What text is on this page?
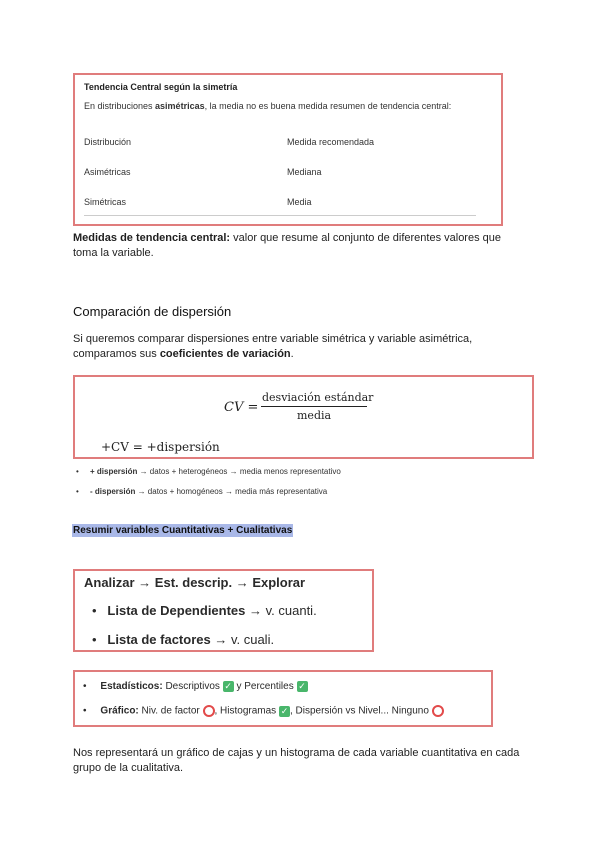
Tendencia Central según la simetría
En distribuciones asimétricas, la media no es buena medida resumen de tendencia central:
Distribución	Medida recomendada
Asimétricas	Mediana
Simétricas	Media
Medidas de tendencia central: valor que resume al conjunto de diferentes valores que toma la variable.
Comparación de dispersión
Si queremos comparar dispersiones entre variable simétrica y variable asimétrica, comparamos sus coeficientes de variación.
CV =
desviación estándar
media
+CV = +dispersión
• + dispersión → datos + heterogéneos → media menos representativo
• - dispersión → datos + homogéneos → media más representativa
Resumir variables Cuantitativas + Cualitativas
Analizar → Est. descrip. → Explorar
• Lista de Dependientes → v. cuanti.
• Lista de factores → v. cuali.
• Estadísticos: Descriptivos ✓ y Percentiles ✓
• Gráfico: Niv. de factor , Histogramas ✓ , Dispersión vs Nivel... Ninguno
Nos representará un gráfico de cajas y un histograma de cada variable cuantitativa en cada grupo de la cualitativa.
